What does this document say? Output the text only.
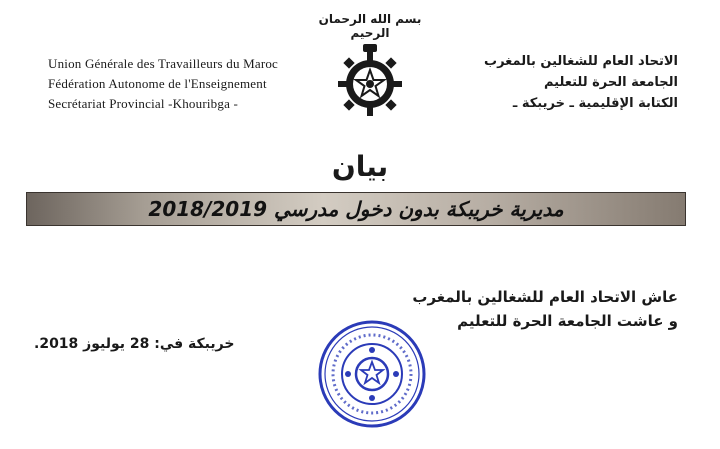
بسم الله الرحمان الرحيم
Union Générale des Travailleurs du Maroc
Fédération Autonome de l'Enseignement
Secrétariat Provincial -Khouribga -
الاتحاد العام للشغالين بالمغرب
الجامعة الحرة للتعليم
الكتابة الإقليمية ـ خريبكة ـ
بيان
مديرية خريبكة بدون دخول مدرسي 2018/2019
عاش الاتحاد العام للشغالين بالمغرب
و عاشت الجامعة الحرة للتعليم
خريبكة في: 28 يوليوز 2018.
